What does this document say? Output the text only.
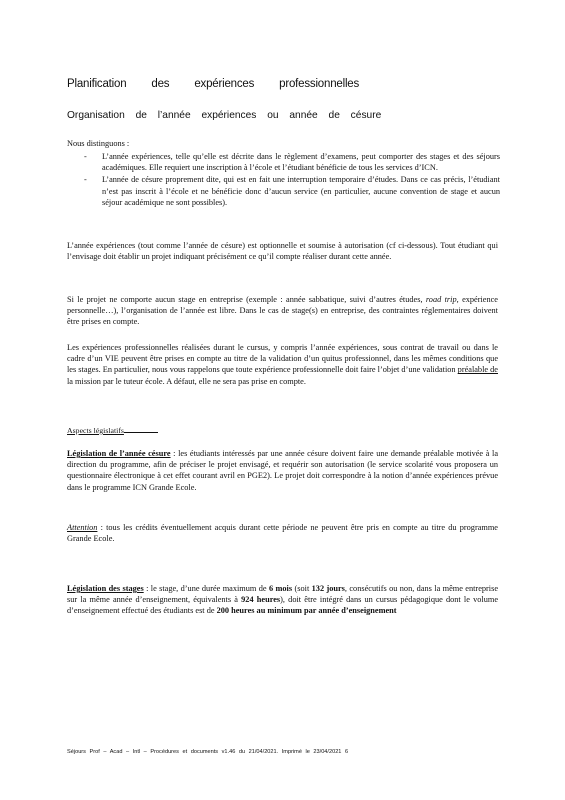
Planification des expériences professionnelles
Organisation de l’année expériences ou année de césure
Nous distinguons :
- L’année expériences, telle qu’elle est décrite dans le règlement d’examens, peut comporter des stages et des séjours académiques. Elle requiert une inscription à l’école et l’étudiant bénéficie de tous les services d’ICN.
- L’année de césure proprement dite, qui est en fait une interruption temporaire d’études. Dans ce cas précis, l’étudiant n’est pas inscrit à l’école et ne bénéficie donc d’aucun service (en particulier, aucune convention de stage et aucun séjour académique ne sont possibles).
L’année expériences (tout comme l’année de césure) est optionnelle et soumise à autorisation (cf ci-dessous). Tout étudiant qui l’envisage doit établir un projet indiquant précisément ce qu’il compte réaliser durant cette année.
Si le projet ne comporte aucun stage en entreprise (exemple : année sabbatique, suivi d’autres études, road trip, expérience personnelle…), l’organisation de l’année est libre. Dans le cas de stage(s) en entreprise, des contraintes réglementaires doivent être prises en compte.
Les expériences professionnelles réalisées durant le cursus, y compris l’année expériences, sous contrat de travail ou dans le cadre d’un VIE peuvent être prises en compte au titre de la validation d’un quitus professionnel, dans les mêmes conditions que les stages. En particulier, nous vous rappelons que toute expérience professionnelle doit faire l’objet d’une validation préalable de la mission par le tuteur école. A défaut, elle ne sera pas prise en compte.
Aspects législatifs
Législation de l’année césure : les étudiants intéressés par une année césure doivent faire une demande préalable motivée à la direction du programme, afin de préciser le projet envisagé, et requérir son autorisation (le service scolarité vous proposera un questionnaire électronique à cet effet courant avril en PGE2). Le projet doit correspondre à la notion d’année expériences prévue dans le programme ICN Grande Ecole.
Attention : tous les crédits éventuellement acquis durant cette période ne peuvent être pris en compte au titre du programme Grande Ecole.
Législation des stages : le stage, d’une durée maximum de 6 mois (soit 132 jours, consécutifs ou non, dans la même entreprise sur la même année d’enseignement, équivalents à 924 heures), doit être intégré dans un cursus pédagogique dont le volume d’enseignement effectué des étudiants est de 200 heures au minimum par année d’enseignement
Séjours Prof – Acad – Intl – Procédures et documents v1.46 du 21/04/2021. Imprimé le 23/04/2021 6
